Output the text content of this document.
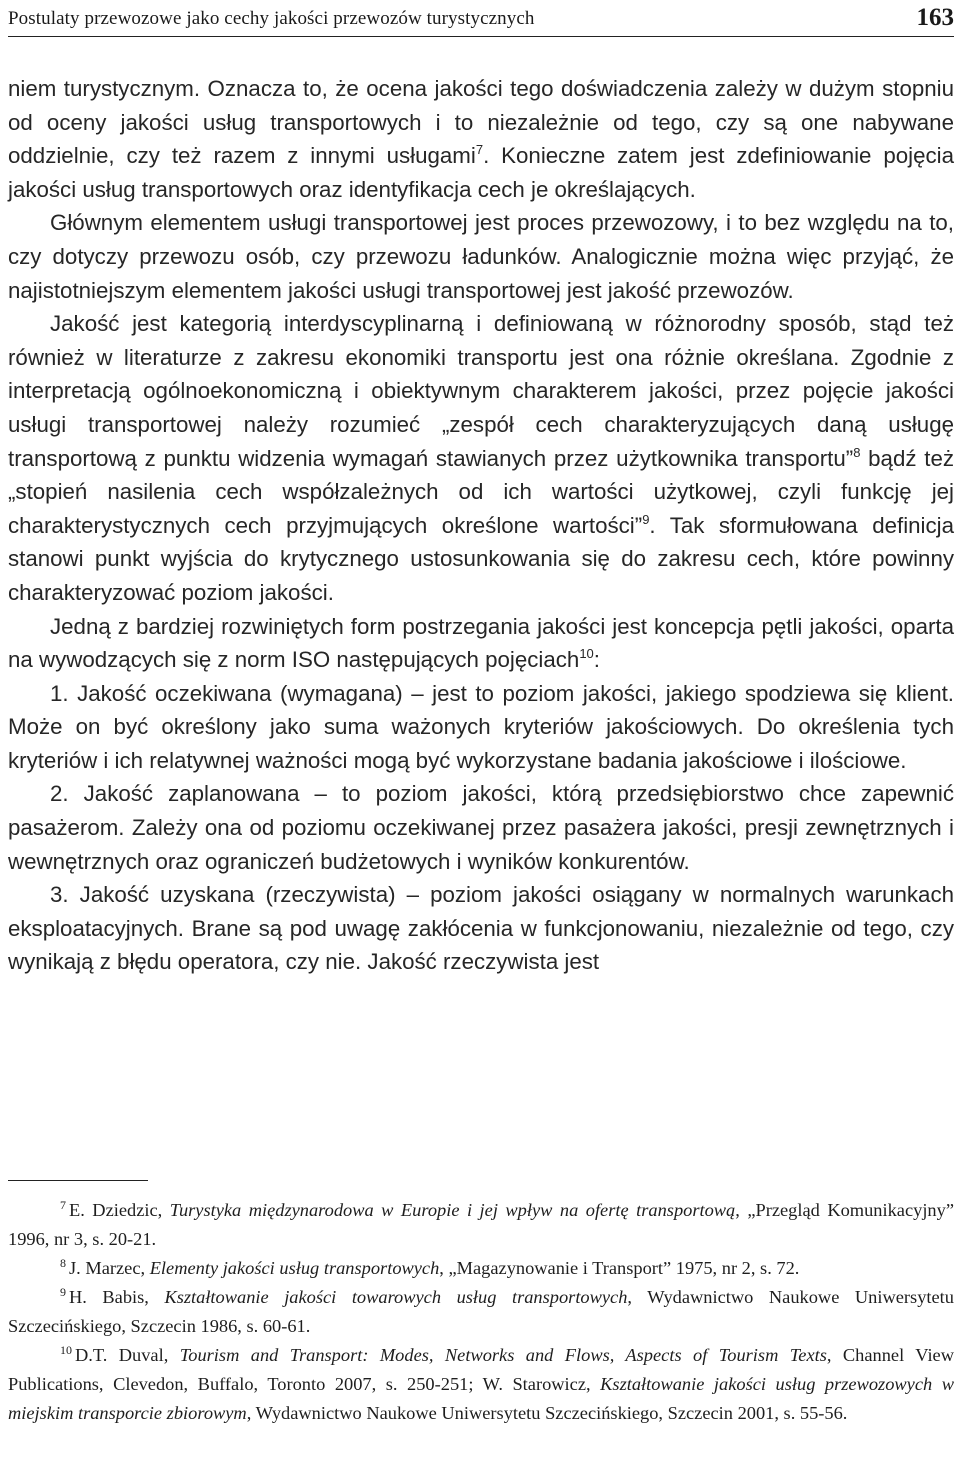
Postulaty przewozowe jako cechy jakości przewozów turystycznych	163

niem turystycznym. Oznacza to, że ocena jakości tego doświadczenia zależy w dużym stopniu od oceny jakości usług transportowych i to niezależnie od tego, czy są one nabywane oddzielnie, czy też razem z innymi usługami$^7$. Konieczne zatem jest zdefiniowanie pojęcia jakości usług transportowych oraz identyfikacja cech je określających.

Głównym elementem usługi transportowej jest proces przewozowy, i to bez względu na to, czy dotyczy przewozu osób, czy przewozu ładunków. Analogicznie można więc przyjąć, że najistotniejszym elementem jakości usługi transportowej jest jakość przewozów.

Jakość jest kategorią interdyscyplinarną i definiowaną w różnorodny sposób, stąd też również w literaturze z zakresu ekonomiki transportu jest ona różnie określana. Zgodnie z interpretacją ogólnoekonomiczną i obiektywnym charakterem jakości, przez pojęcie jakości usługi transportowej należy rozumieć „zespół cech charakteryzujących daną usługę transportową z punktu widzenia wymagań stawianych przez użytkownika transportu”$^8$ bądź też „stopień nasilenia cech współzależnych od ich wartości użytkowej, czyli funkcję jej charakterystycznych cech przyjmujących określone wartości”$^9$. Tak sformułowana definicja stanowi punkt wyjścia do krytycznego ustosunkowania się do zakresu cech, które powinny charakteryzować poziom jakości.

Jedną z bardziej rozwiniętych form postrzegania jakości jest koncepcja pętli jakości, oparta na wywodzących się z norm ISO następujących pojęciach$^{10}$:

1. Jakość oczekiwana (wymagana) – jest to poziom jakości, jakiego spodziewa się klient. Może on być określony jako suma ważonych kryteriów jakościowych. Do określenia tych kryteriów i ich relatywnej ważności mogą być wykorzystane badania jakościowe i ilościowe.

2. Jakość zaplanowana – to poziom jakości, którą przedsiębiorstwo chce zapewnić pasażerom. Zależy ona od poziomu oczekiwanej przez pasażera jakości, presji zewnętrznych i wewnętrznych oraz ograniczeń budżetowych i wyników konkurentów.

3. Jakość uzyskana (rzeczywista) – poziom jakości osiągany w normalnych warunkach eksploatacyjnych. Brane są pod uwagę zakłócenia w funkcjonowaniu, niezależnie od tego, czy wynikają z błędu operatora, czy nie. Jakość rzeczywista jest

$^7$ E. Dziedzic, Turystyka międzynarodowa w Europie i jej wpływ na ofertę transportową, „Przegląd Komunikacyjny” 1996, nr 3, s. 20-21.

$^8$ J. Marzec, Elementy jakości usług transportowych, „Magazynowanie i Transport” 1975, nr 2, s. 72.

$^9$ H. Babis, Kształtowanie jakości towarowych usług transportowych, Wydawnictwo Naukowe Uniwersytetu Szczecińskiego, Szczecin 1986, s. 60-61.

$^{10}$ D.T. Duval, Tourism and Transport: Modes, Networks and Flows, Aspects of Tourism Texts, Channel View Publications, Clevedon, Buffalo, Toronto 2007, s. 250-251; W. Starowicz, Kształtowanie jakości usług przewozowych w miejskim transporcie zbiorowym, Wydawnictwo Naukowe Uniwersytetu Szczecińskiego, Szczecin 2001, s. 55-56.
